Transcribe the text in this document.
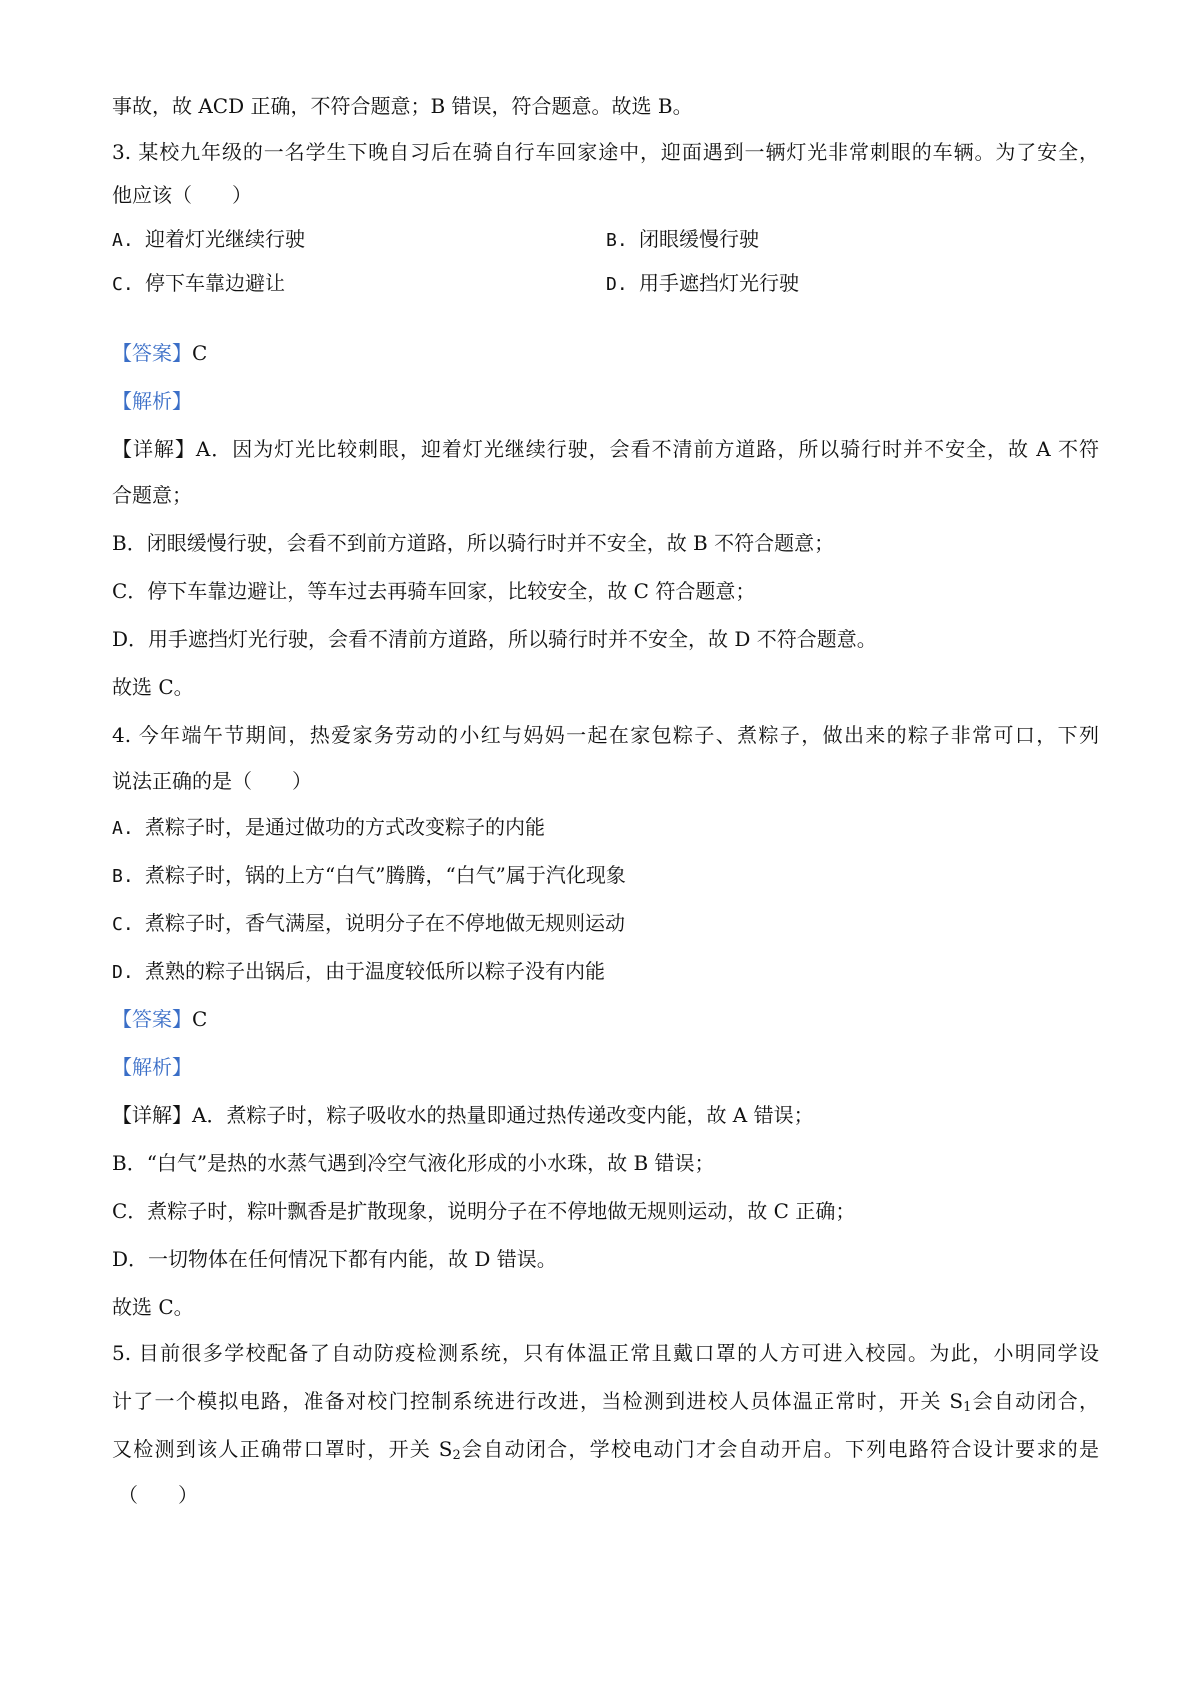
事故，故 ACD 正确，不符合题意；B 错误，符合题意。故选 B。
3. 某校九年级的一名学生下晚自习后在骑自行车回家途中，迎面遇到一辆灯光非常刺眼的车辆。为了安全，
他应该（　　）
A. 迎着灯光继续行驶	B. 闭眼缓慢行驶
C. 停下车靠边避让	D. 用手遮挡灯光行驶
【答案】C
【解析】
【详解】A．因为灯光比较刺眼，迎着灯光继续行驶，会看不清前方道路，所以骑行时并不安全，故 A 不符
合题意；
B．闭眼缓慢行驶，会看不到前方道路，所以骑行时并不安全，故 B 不符合题意；
C．停下车靠边避让，等车过去再骑车回家，比较安全，故 C 符合题意；
D．用手遮挡灯光行驶，会看不清前方道路，所以骑行时并不安全，故 D 不符合题意。
故选 C。
4. 今年端午节期间，热爱家务劳动的小红与妈妈一起在家包粽子、煮粽子，做出来的粽子非常可口，下列
说法正确的是（　　）
A. 煮粽子时，是通过做功的方式改变粽子的内能
B. 煮粽子时，锅的上方“白气”腾腾，“白气”属于汽化现象
C. 煮粽子时，香气满屋，说明分子在不停地做无规则运动
D. 煮熟的粽子出锅后，由于温度较低所以粽子没有内能
【答案】C
【解析】
【详解】A．煮粽子时，粽子吸收水的热量即通过热传递改变内能，故 A 错误；
B．“白气”是热的水蒸气遇到冷空气液化形成的小水珠，故 B 错误；
C．煮粽子时，粽叶飘香是扩散现象，说明分子在不停地做无规则运动，故 C 正确；
D．一切物体在任何情况下都有内能，故 D 错误。
故选 C。
5. 目前很多学校配备了自动防疫检测系统，只有体温正常且戴口罩的人方可进入校园。为此，小明同学设
计了一个模拟电路，准备对校门控制系统进行改进，当检测到进校人员体温正常时，开关 $S_1$会自动闭合，
又检测到该人正确带口罩时，开关 $S_2$会自动闭合，学校电动门才会自动开启。下列电路符合设计要求的是
（　　）
